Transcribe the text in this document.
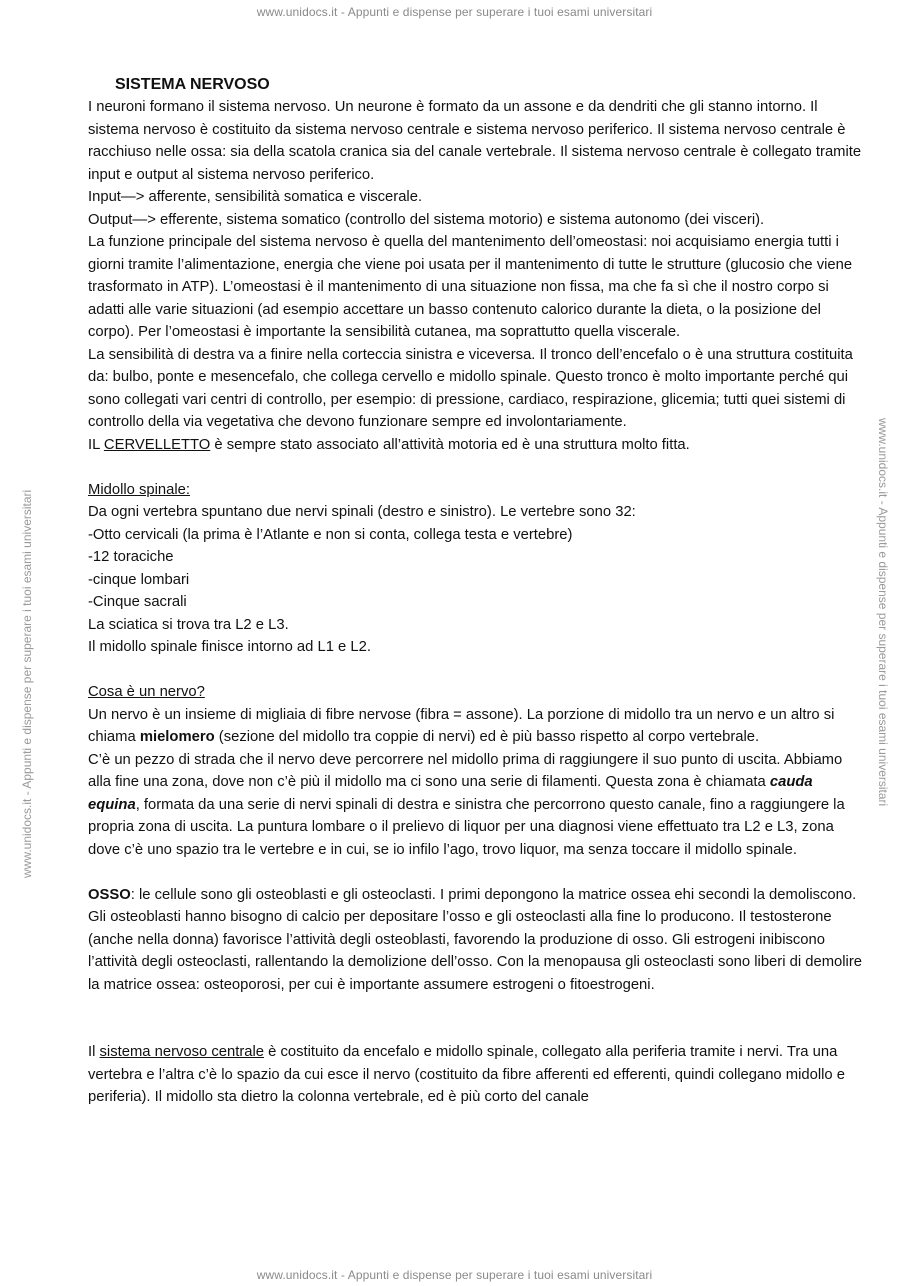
www.unidocs.it - Appunti e dispense per superare i tuoi esami universitari
www.unidocs.it - Appunti e dispense per superare i tuoi esami universitari	www.unidocs.it - Appunti e dispense per superare i tuoi esami universitari

SISTEMA NERVOSO

I neuroni formano il sistema nervoso. Un neurone è formato da un assone e da dendriti che gli stanno intorno. Il sistema nervoso è costituito da sistema nervoso centrale e sistema nervoso periferico. Il sistema nervoso centrale è racchiuso nelle ossa: sia della scatola cranica sia del canale vertebrale. Il sistema nervoso centrale è collegato tramite input e output al sistema nervoso periferico.

Input—> afferente, sensibilità somatica e viscerale.

Output—> efferente, sistema somatico (controllo del sistema motorio) e sistema autonomo (dei visceri).

La funzione principale del sistema nervoso è quella del mantenimento dell’omeostasi: noi acquisiamo energia tutti i giorni tramite l’alimentazione, energia che viene poi usata per il mantenimento di tutte le strutture (glucosio che viene trasformato in ATP). L’omeostasi è il mantenimento di una situazione non fissa, ma che fa sì che il nostro corpo si adatti alle varie situazioni (ad esempio accettare un basso contenuto calorico durante la dieta, o la posizione del corpo). Per l’omeostasi è importante la sensibilità cutanea, ma soprattutto quella viscerale.

La sensibilità di destra va a finire nella corteccia sinistra e viceversa. Il tronco dell’encefalo o è una struttura costituita da: bulbo, ponte e mesencefalo, che collega cervello e midollo spinale. Questo tronco è molto importante perché qui sono collegati vari centri di controllo, per esempio: di pressione, cardiaco, respirazione, glicemia; tutti quei sistemi di controllo della via vegetativa che devono funzionare sempre ed involontariamente.

IL CERVELLETTO è sempre stato associato all’attività motoria ed è una struttura molto fitta.

Midollo spinale:

Da ogni vertebra spuntano due nervi spinali (destro e sinistro). Le vertebre sono 32:

-Otto cervicali (la prima è l’Atlante e non si conta, collega testa e vertebre)

-12 toraciche

-cinque lombari

-Cinque sacrali

La sciatica si trova tra L2 e L3.

Il midollo spinale finisce intorno ad L1 e L2.

Cosa è un nervo?

Un nervo è un insieme di migliaia di fibre nervose (fibra = assone). La porzione di midollo tra un nervo e un altro si chiama mielomero (sezione del midollo tra coppie di nervi) ed è più basso rispetto al corpo vertebrale.

C’è un pezzo di strada che il nervo deve percorrere nel midollo prima di raggiungere il suo punto di uscita. Abbiamo alla fine una zona, dove non c’è più il midollo ma ci sono una serie di filamenti. Questa zona è chiamata cauda equina, formata da una serie di nervi spinali di destra e sinistra che percorrono questo canale, fino a raggiungere la propria zona di uscita. La puntura lombare o il prelievo di liquor per una diagnosi viene effettuato tra L2 e L3, zona dove c’è uno spazio tra le vertebre e in cui, se io infilo l’ago, trovo liquor, ma senza toccare il midollo spinale.

OSSO: le cellule sono gli osteoblasti e gli osteoclasti. I primi depongono la matrice ossea ehi secondi la demoliscono. Gli osteoblasti hanno bisogno di calcio per depositare l’osso e gli osteoclasti alla fine lo producono. Il testosterone (anche nella donna) favorisce l’attività degli osteoblasti, favorendo la produzione di osso. Gli estrogeni inibiscono l’attività degli osteoclasti, rallentando la demolizione dell’osso. Con la menopausa gli osteoclasti sono liberi di demolire la matrice ossea: osteoporosi, per cui è importante assumere estrogeni o fitoestrogeni.

Il sistema nervoso centrale è costituito da encefalo e midollo spinale, collegato alla periferia tramite i nervi. Tra una vertebra e l’altra c’è lo spazio da cui esce il nervo (costituito da fibre afferenti ed efferenti, quindi collegano midollo e periferia). Il midollo sta dietro la colonna vertebrale, ed è più corto del canale

www.unidocs.it - Appunti e dispense per superare i tuoi esami universitari
